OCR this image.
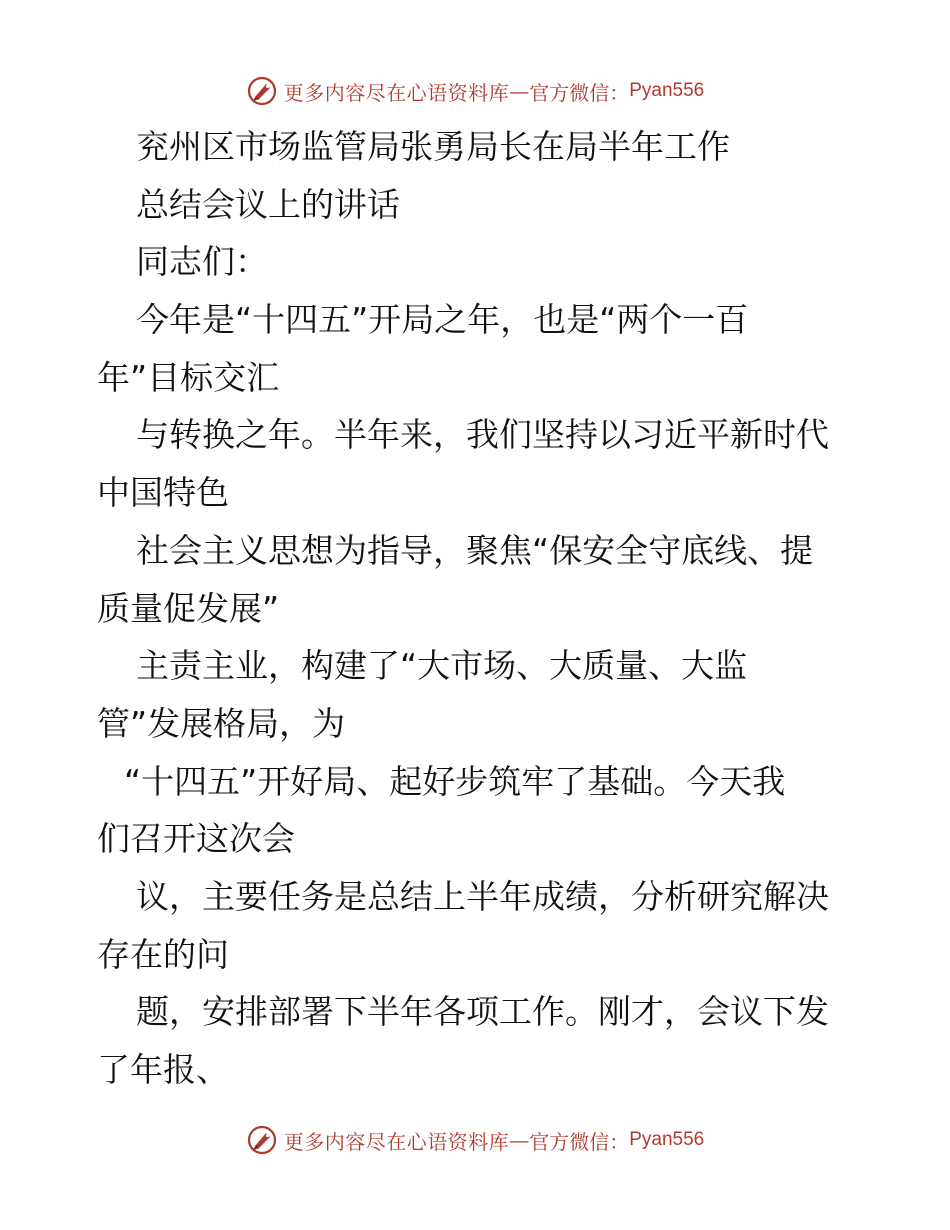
更多内容尽在心语资料库 — 官方微信： Pyan556
兖州区市场监管局张勇局长在局半年工作
总结会议上的讲话
同志们：
今年是“十四五”开局之年，也是“两个一百
年”目标交汇
与转换之年。半年来，我们坚持以习近平新时代
中国特色
社会主义思想为指导，聚焦“保安全守底线、提
质量促发展”
主责主业，构建了“大市场、大质量、大监
管”发展格局，为
“十四五”开好局、起好步筑牢了基础。今天我
们召开这次会
议，主要任务是总结上半年成绩，分析研究解决
存在的问
题，安排部署下半年各项工作。刚才，会议下发
了年报、
更多内容尽在心语资料库 — 官方微信： Pyan556
